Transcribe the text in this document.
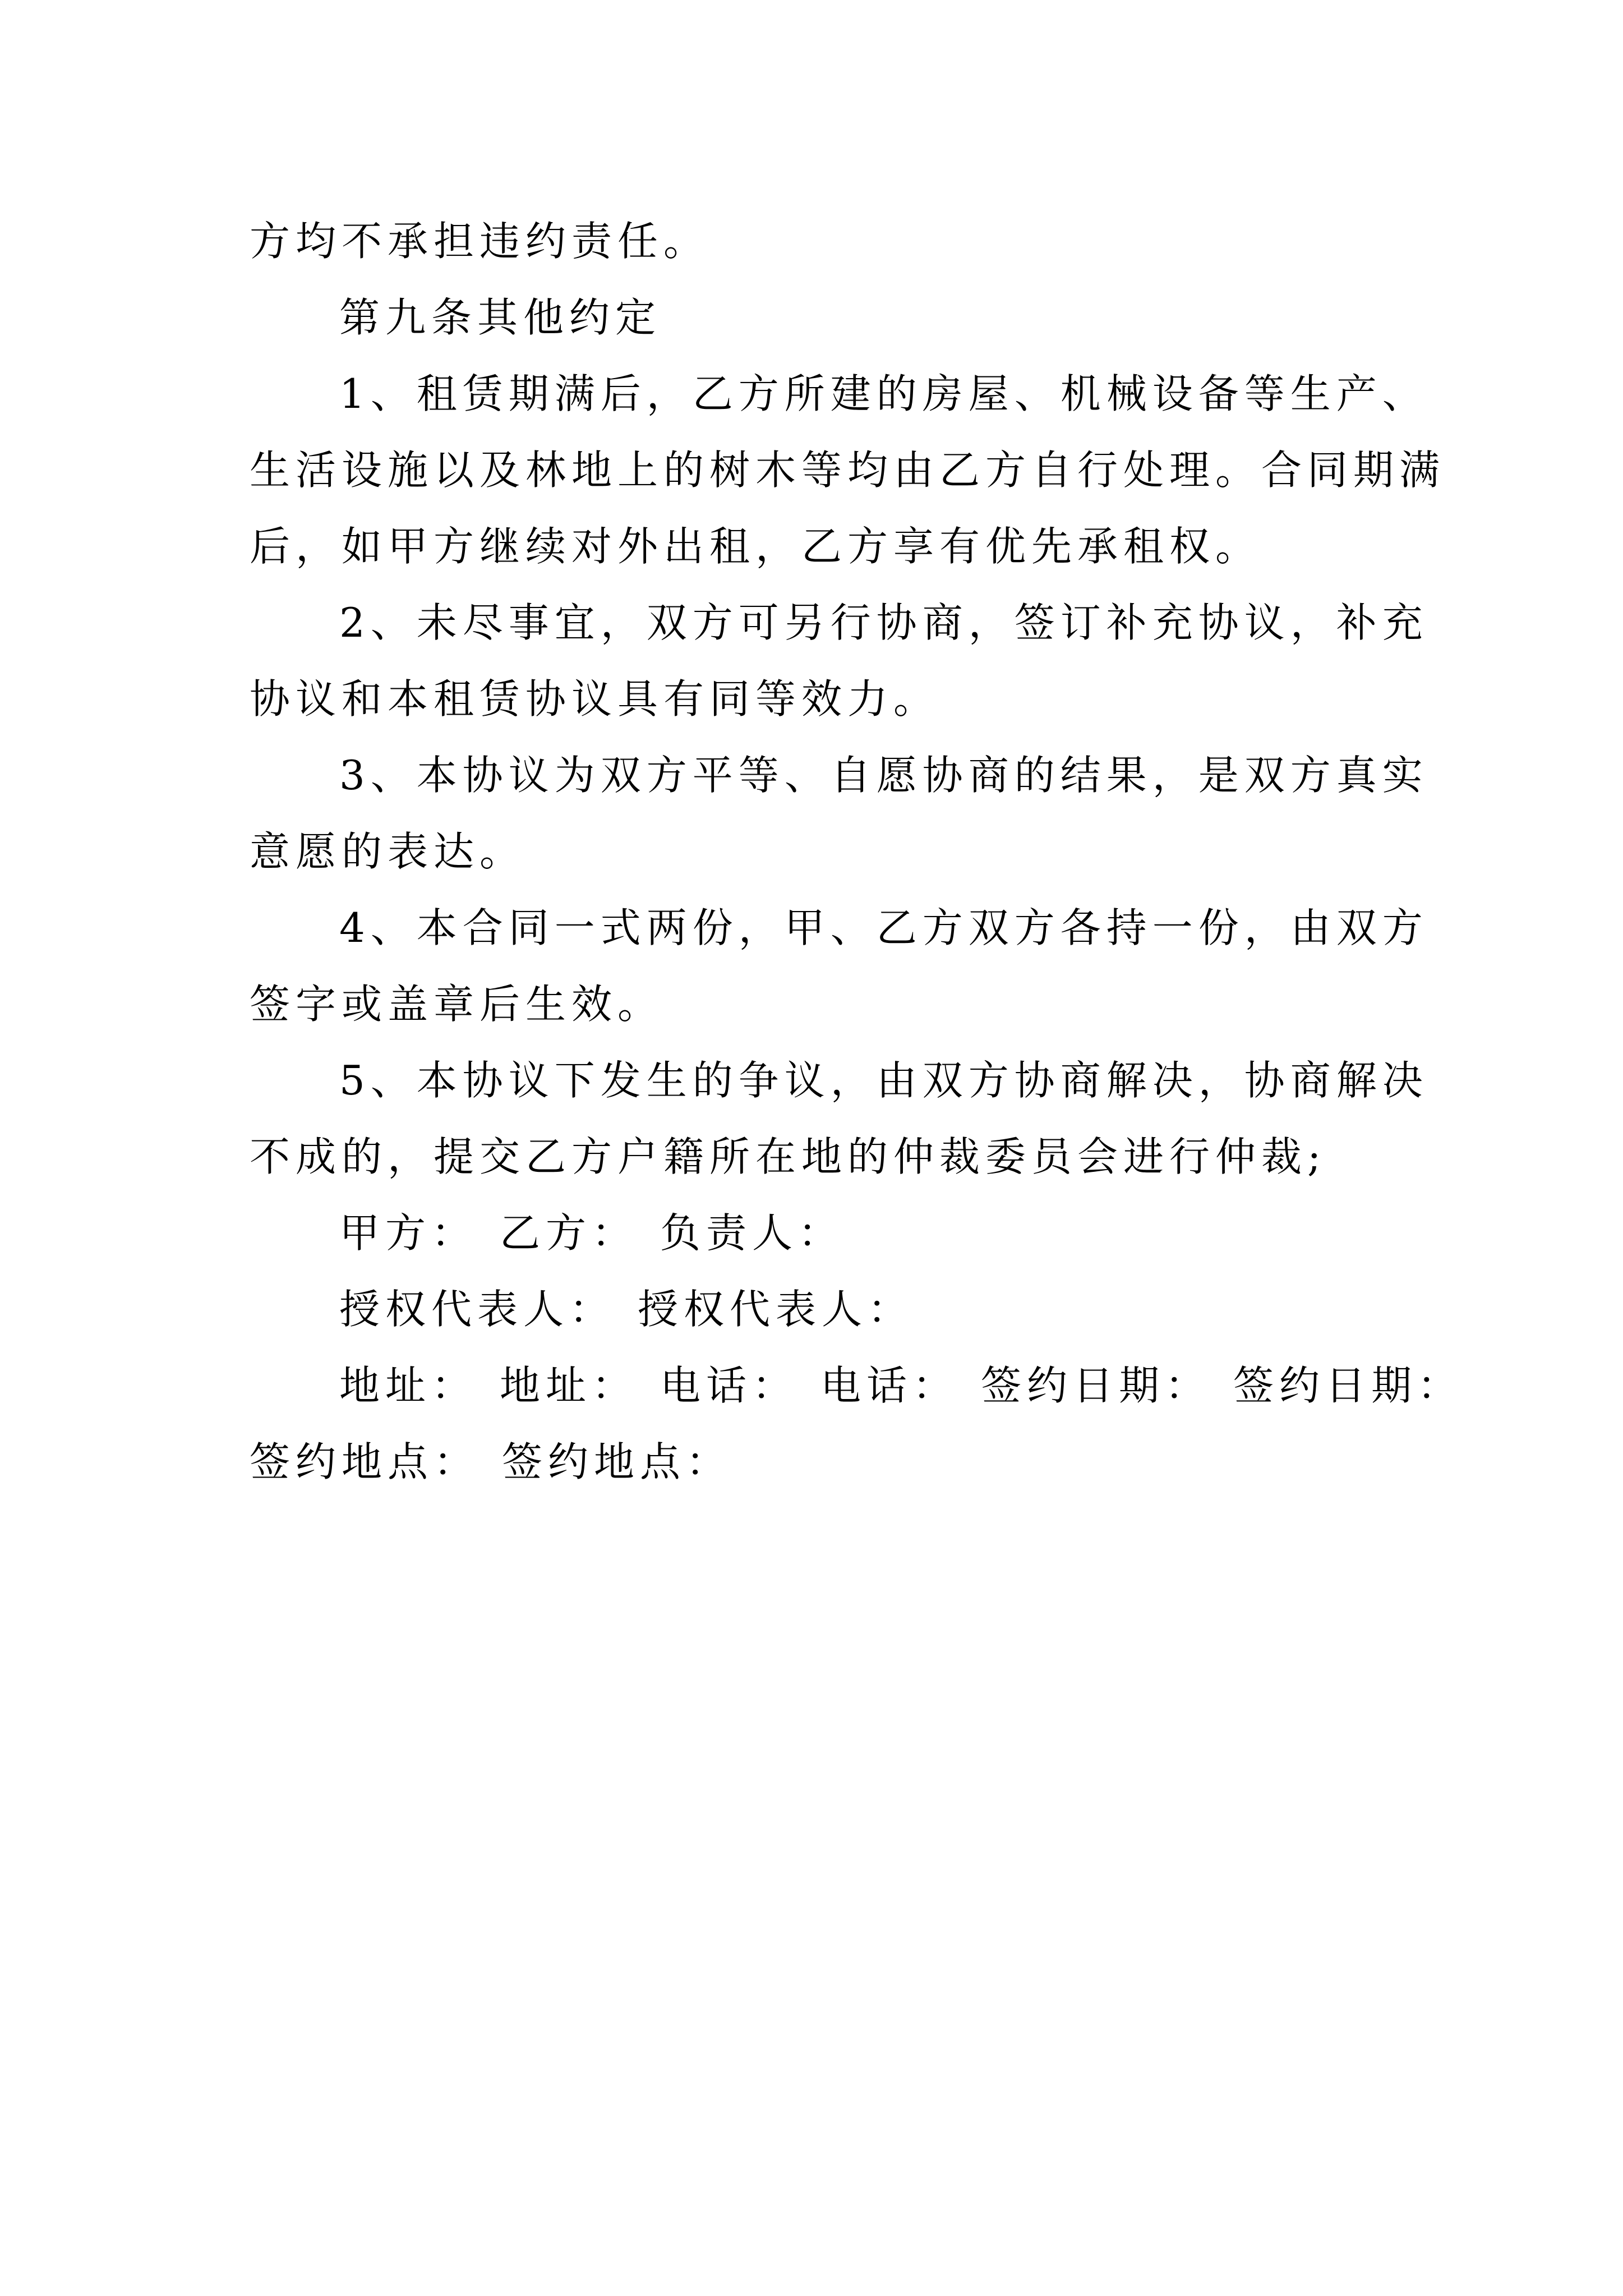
方均不承担违约责任。
第九条其他约定
1、租赁期满后，乙方所建的房屋、机械设备等生产、
生活设施以及林地上的树木等均由乙方自行处理。合同期满
后，如甲方继续对外出租，乙方享有优先承租权。
2、未尽事宜，双方可另行协商，签订补充协议，补充
协议和本租赁协议具有同等效力。
3、本协议为双方平等、自愿协商的结果，是双方真实
意愿的表达。
4、本合同一式两份，甲、乙方双方各持一份，由双方
签字或盖章后生效。
5、本协议下发生的争议，由双方协商解决，协商解决
不成的，提交乙方户籍所在地的仲裁委员会进行仲裁;
甲方： 乙方： 负责人：
授权代表人： 授权代表人：
地址： 地址： 电话： 电话： 签约日期： 签约日期：
签约地点： 签约地点：
